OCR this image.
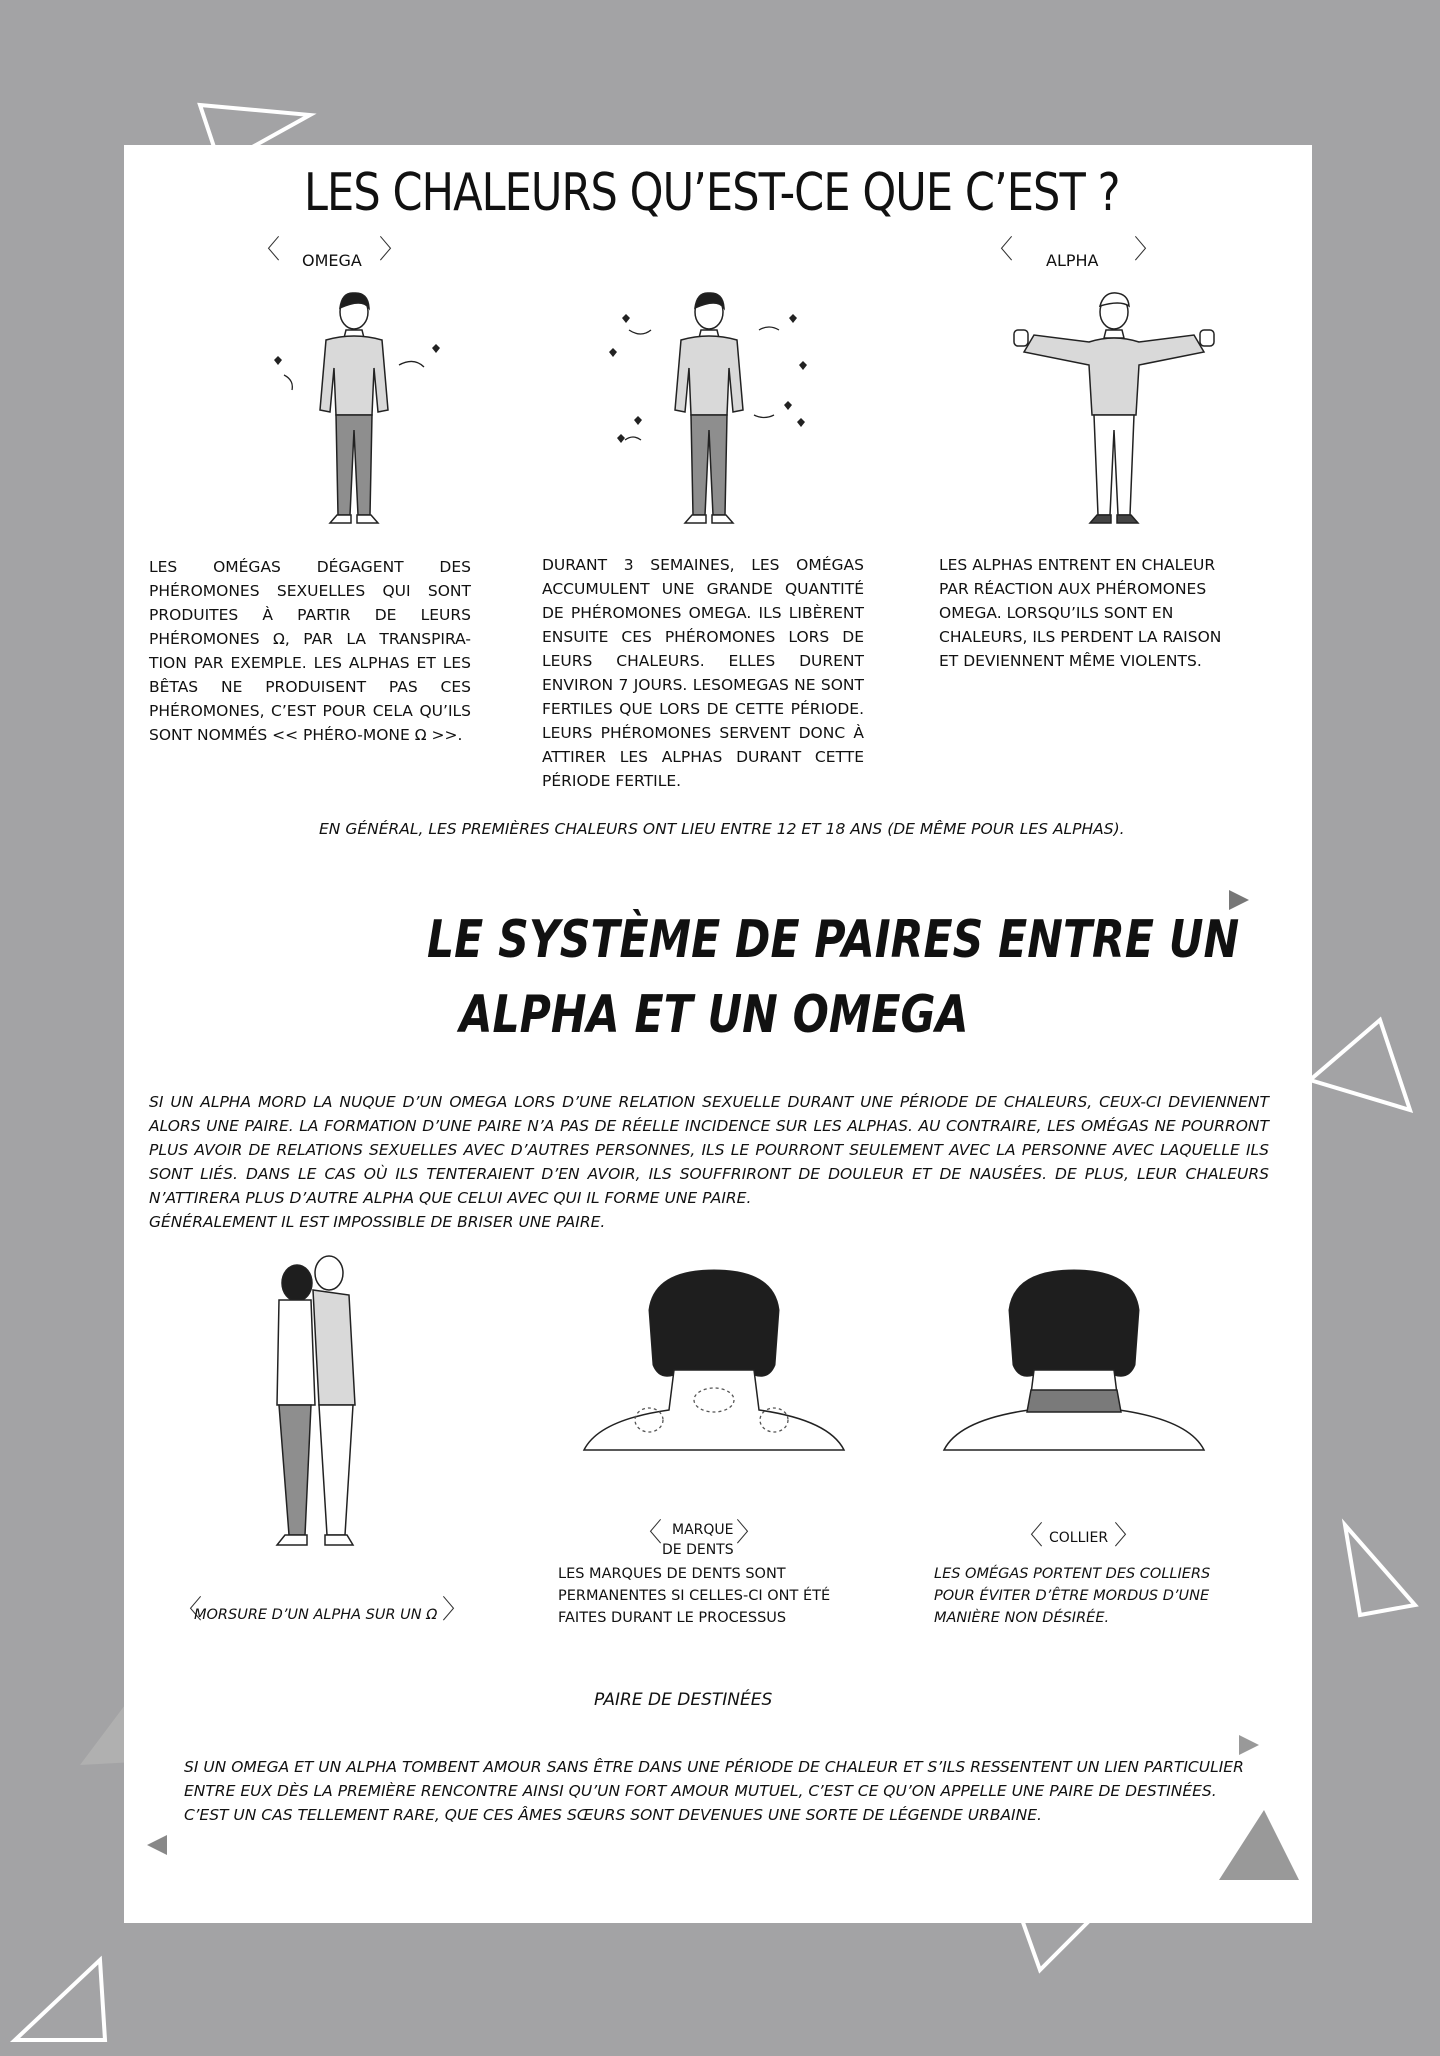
LES CHALEURS QU’EST-CE QUE C’EST ?
〈 OMEGA 〉	〈 ALPHA 〉
LES OMÉGAS DÉGAGENT DES PHÉROMONES SEXUELLES QUI SONT PRODUITES À PARTIR DE LEURS PHÉROMONES Ω, PAR LA TRANSPIRA-TION PAR EXEMPLE. LES ALPHAS ET LES BÊTAS NE PRODUISENT PAS CES PHÉROMONES, C’EST POUR CELA QU’ILS SONT NOMMÉS << PHÉRO-MONE Ω >>.
DURANT 3 SEMAINES, LES OMÉGAS ACCUMULENT UNE GRANDE QUANTITÉ DE PHÉROMONES OMEGA. ILS LIBÈRENT ENSUITE CES PHÉROMONES LORS DE LEURS CHALEURS. ELLES DURENT ENVIRON 7 JOURS. LESOMEGAS NE SONT FERTILES QUE LORS DE CETTE PÉRIODE. LEURS PHÉROMONES SERVENT DONC À ATTIRER LES ALPHAS DURANT CETTE PÉRIODE FERTILE.
LES ALPHAS ENTRENT EN CHALEUR PAR RÉACTION AUX PHÉROMONES OMEGA. LORSQU’ILS SONT EN CHALEURS, ILS PERDENT LA RAISON ET DEVIENNENT MÊME VIOLENTS.
EN GÉNÉRAL, LES PREMIÈRES CHALEURS ONT LIEU ENTRE 12 ET 18 ANS (DE MÊME POUR LES ALPHAS).
LE SYSTÈME DE PAIRES ENTRE UN
ALPHA ET UN OMEGA
SI UN ALPHA MORD LA NUQUE D’UN OMEGA LORS D’UNE RELATION SEXUELLE DURANT UNE PÉRIODE DE CHALEURS, CEUX-CI DEVIENNENT ALORS UNE PAIRE. LA FORMATION D’UNE PAIRE N’A PAS DE RÉELLE INCIDENCE SUR LES ALPHAS. AU CONTRAIRE, LES OMÉGAS NE POURRONT PLUS AVOIR DE RELATIONS SEXUELLES AVEC D’AUTRES PERSONNES, ILS LE POURRONT SEULEMENT AVEC LA PERSONNE AVEC LAQUELLE ILS SONT LIÉS. DANS LE CAS OÙ ILS TENTERAIENT D’EN AVOIR, ILS SOUFFRIRONT DE DOULEUR ET DE NAUSÉES. DE PLUS, LEUR CHALEURS N’ATTIRERA PLUS D’AUTRE ALPHA QUE CELUI AVEC QUI IL FORME UNE PAIRE.
GÉNÉRALEMENT IL EST IMPOSSIBLE DE BRISER UNE PAIRE.
〈 MARQUE
DE DENTS
〉	〈 COLLIER 〉
LES MARQUES DE DENTS SONT PERMANENTES SI CELLES-CI ONT ÉTÉ FAITES DURANT LE PROCESSUS
LES OMÉGAS PORTENT DES COLLIERS POUR ÉVITER D’ÊTRE MORDUS D’UNE MANIÈRE NON DÉSIRÉE.
〈
MORSURE D’UN ALPHA SUR UN Ω 〉
PAIRE DE DESTINÉES
SI UN OMEGA ET UN ALPHA TOMBENT AMOUR SANS ÊTRE DANS UNE PÉRIODE DE CHALEUR ET S’ILS RESSENTENT UN LIEN PARTICULIER ENTRE EUX DÈS LA PREMIÈRE RENCONTRE AINSI QU’UN FORT AMOUR MUTUEL, C’EST CE QU’ON APPELLE UNE PAIRE DE DESTINÉES. C’EST UN CAS TELLEMENT RARE, QUE CES ÂMES SŒURS SONT DEVENUES UNE SORTE DE LÉGENDE URBAINE.
